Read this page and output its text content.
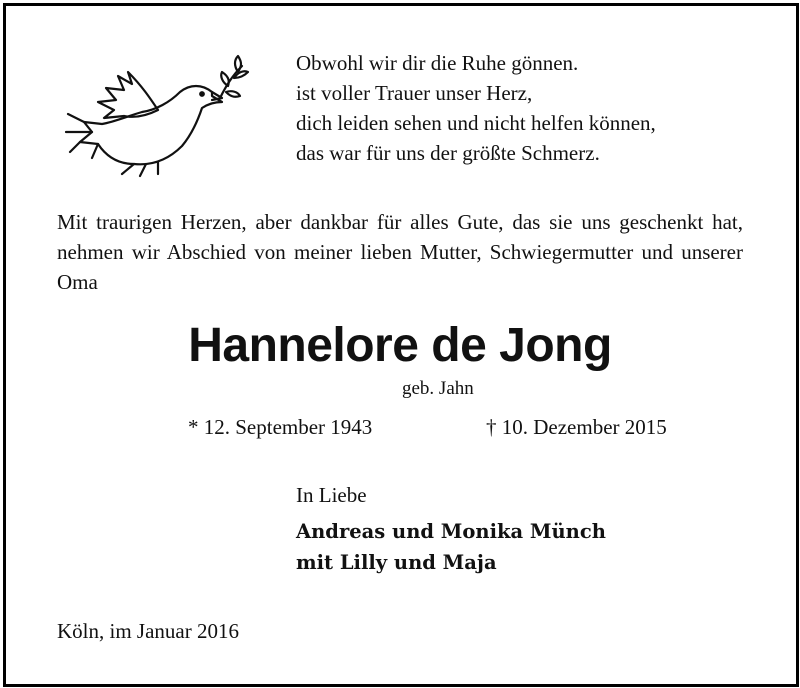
Obwohl wir dir die Ruhe gönnen.
ist voller Trauer unser Herz,
dich leiden sehen und nicht helfen können,
das war für uns der größte Schmerz.
Mit traurigen Herzen, aber dankbar für alles Gute, das sie uns geschenkt hat, nehmen wir Abschied von meiner lieben Mutter, Schwiegermutter und unserer Oma
Hannelore de Jong
geb. Jahn
* 12. September 1943	† 10. Dezember 2015
In Liebe
Andreas und Monika Münch
mit Lilly und Maja
Köln, im Januar 2016
